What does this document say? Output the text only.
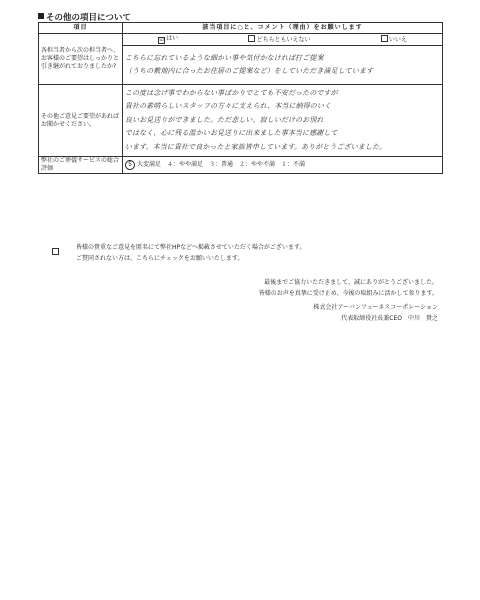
その他の項目について
項目	該当項目に○と、コメント（理由）をお願いします
各担当者から次の担当者へ、お客様のご要望はしっかりと引き継がれておりましたか?	☑ はい どちらともいえない いいえ

	こちらに忘れているような細かい事や気付かなければ打ご提案
（うちの敷地内に合ったお住居のご提案など）をしていただき満足しています

その他ご意見ご要望があればお聞かせください。	この度は念げ事でわからない事ばかりでとても不安だったのですが
貴社の素晴らしいスタッフの方々に支えられ、本当に納得のいく
良いお見送りができました。ただ悲しい、寂しいだけのお別れ
ではなく、心に残る温かいお見送りに出来ました事本当に感謝して
います。本当に貴社で良かったと家族皆申しています。ありがとうございました。

弊社のご葬儀サービスの総合評価	5 大変満足　４：やや満足　３：普通　２：やや不満　１：不満
皆様の貴重なご意見を匿名にて弊社HPなどへ掲載させていただく場合がございます。
ご賛同されない方は、こちらにチェックをお願いいたします。
最後までご協力いただきまして、誠にありがとうございました。
皆様のお声を真摯に受け止め、今後の取組みに活かして参ります。
株式会社アーバンフューネスコーポレーション
代表取締役社長兼CEO　中川　貴之
